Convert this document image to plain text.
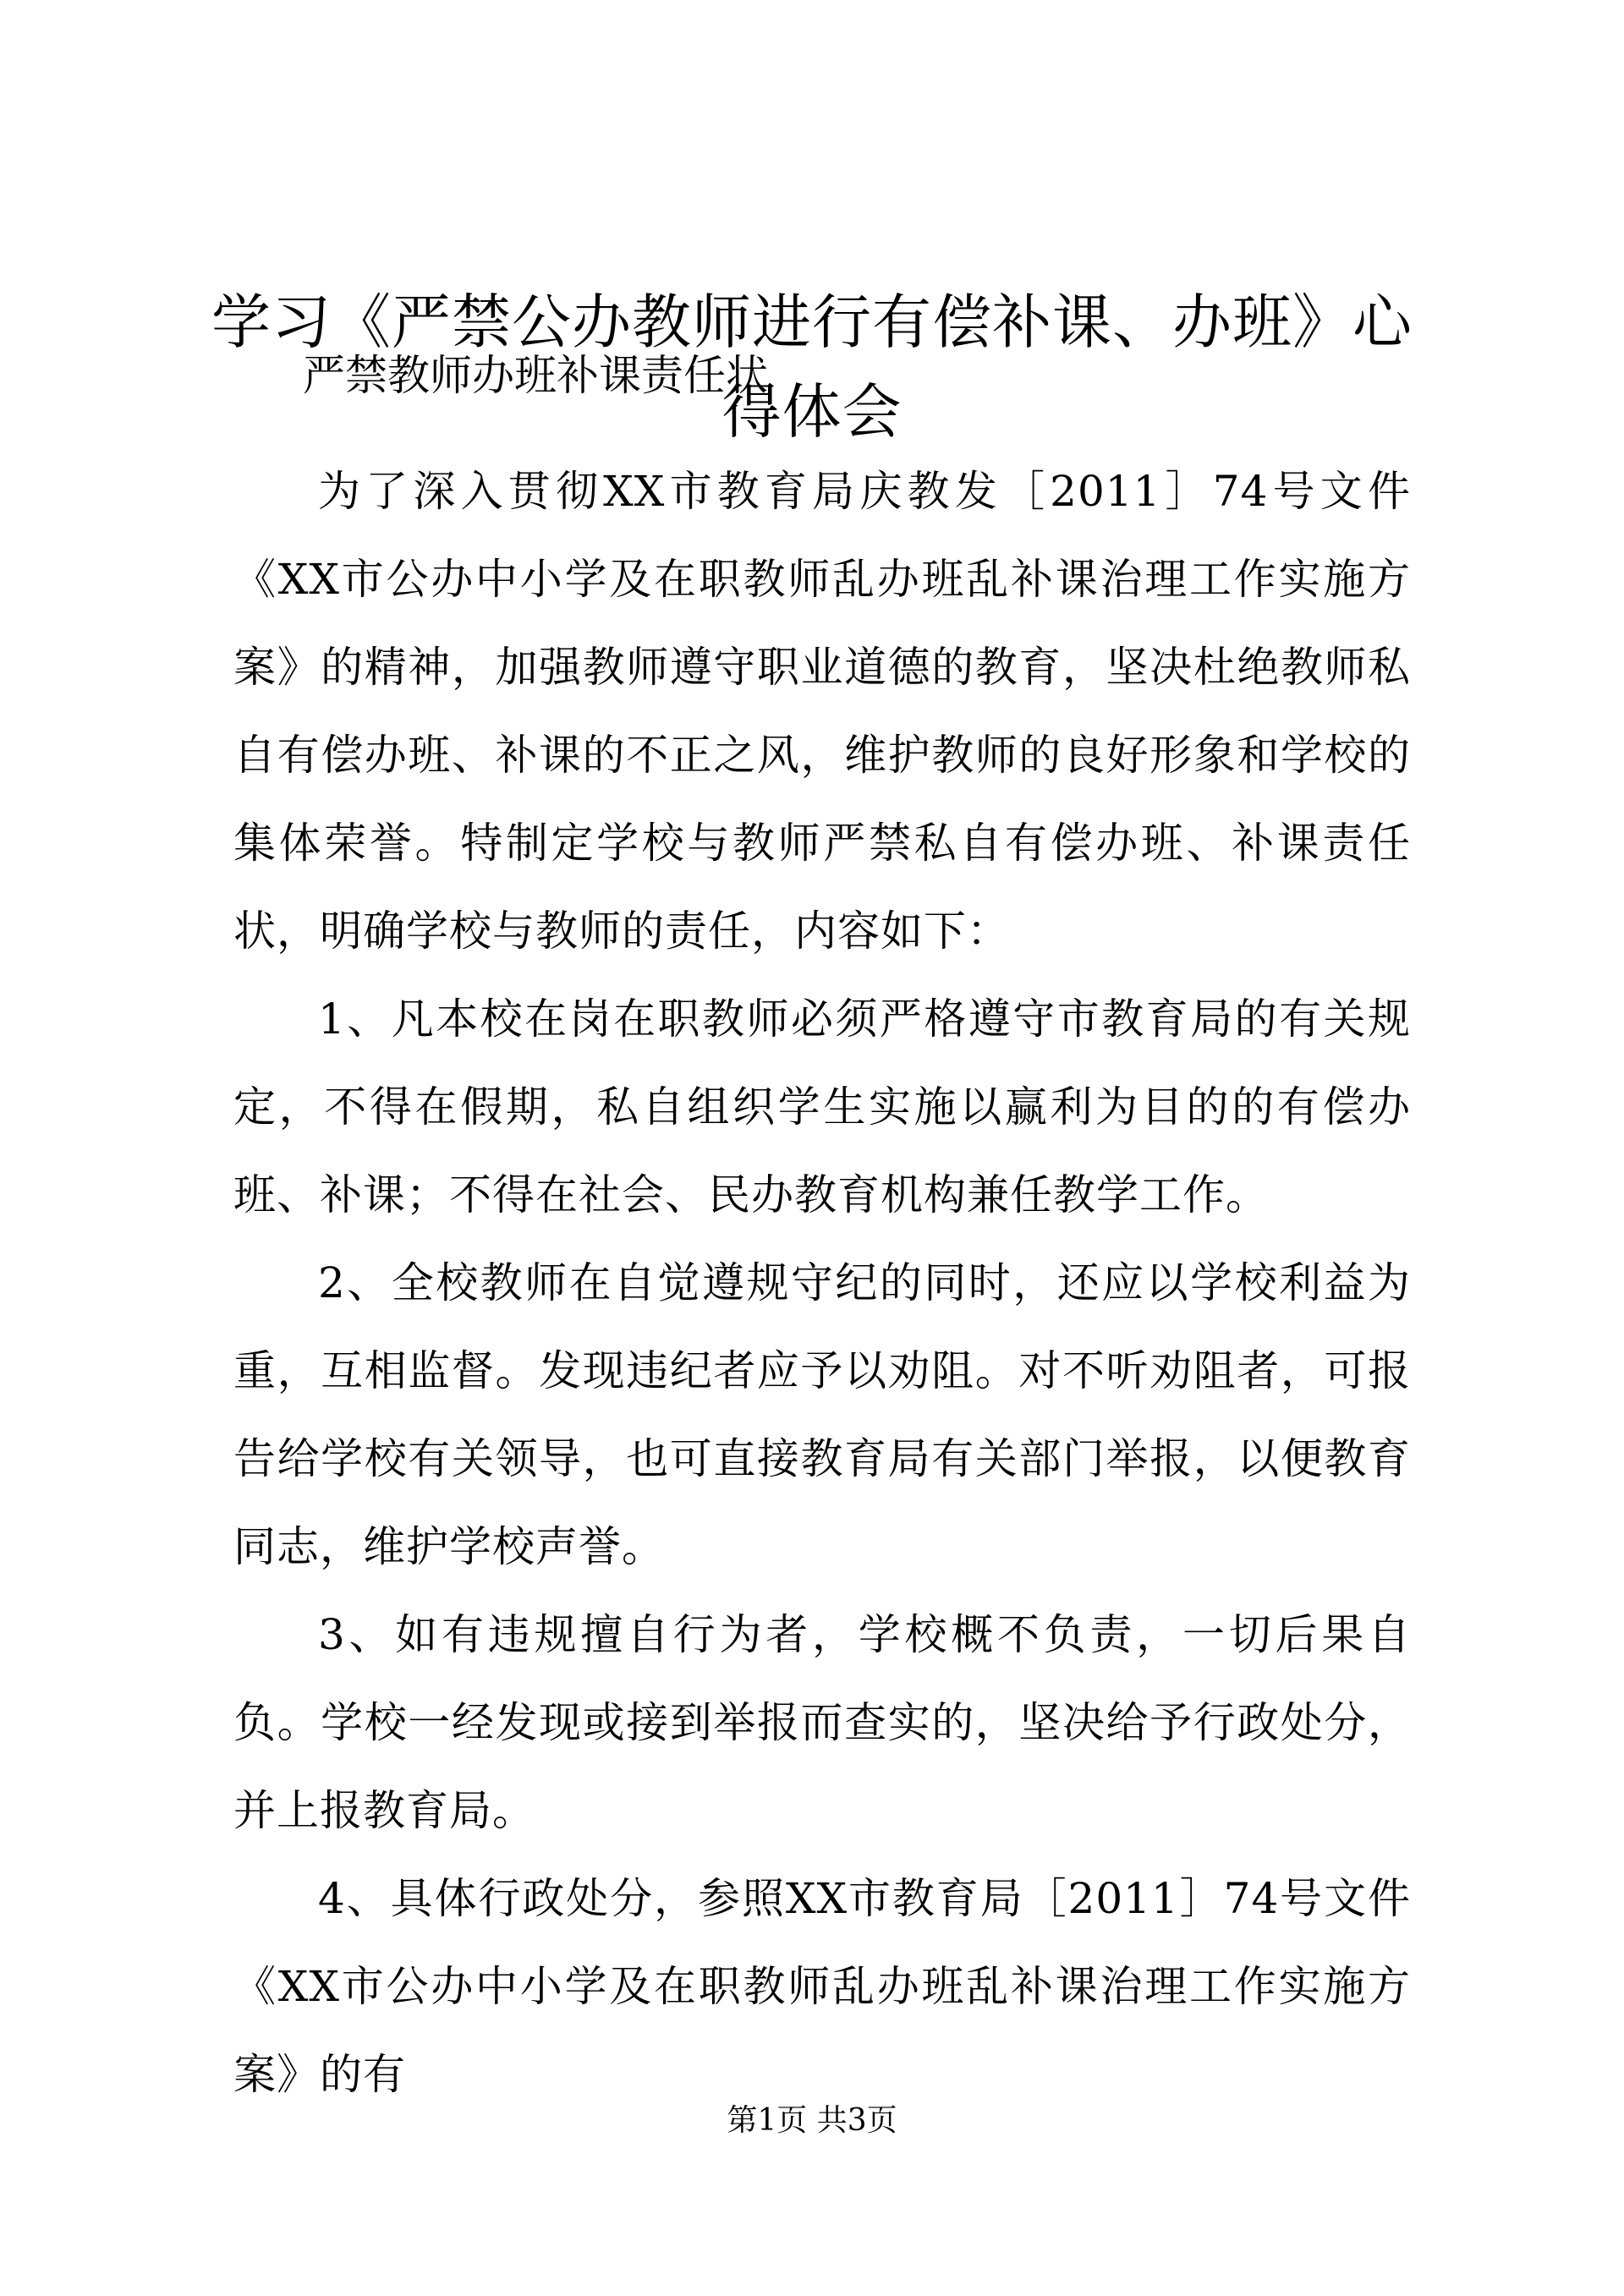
学习《严禁公办教师进行有偿补课、办班》心得体会

严禁教师办班补课责任状

为了深入贯彻XX市教育局庆教发［2011］74号文件《XX市公办中小学及在职教师乱办班乱补课治理工作实施方案》的精神，加强教师遵守职业道德的教育，坚决杜绝教师私自有偿办班、补课的不正之风，维护教师的良好形象和学校的集体荣誉。特制定学校与教师严禁私自有偿办班、补课责任状，明确学校与教师的责任，内容如下：

1、凡本校在岗在职教师必须严格遵守市教育局的有关规定，不得在假期，私自组织学生实施以赢利为目的的有偿办班、补课；不得在社会、民办教育机构兼任教学工作。

2、全校教师在自觉遵规守纪的同时，还应以学校利益为重，互相监督。发现违纪者应予以劝阻。对不听劝阻者，可报告给学校有关领导，也可直接教育局有关部门举报，以便教育同志，维护学校声誉。

3、如有违规擅自行为者，学校概不负责，一切后果自负。学校一经发现或接到举报而查实的，坚决给予行政处分，并上报教育局。

4、具体行政处分，参照XX市教育局［2011］74号文件《XX市公办中小学及在职教师乱办班乱补课治理工作实施方案》的有

第1页 共3页
